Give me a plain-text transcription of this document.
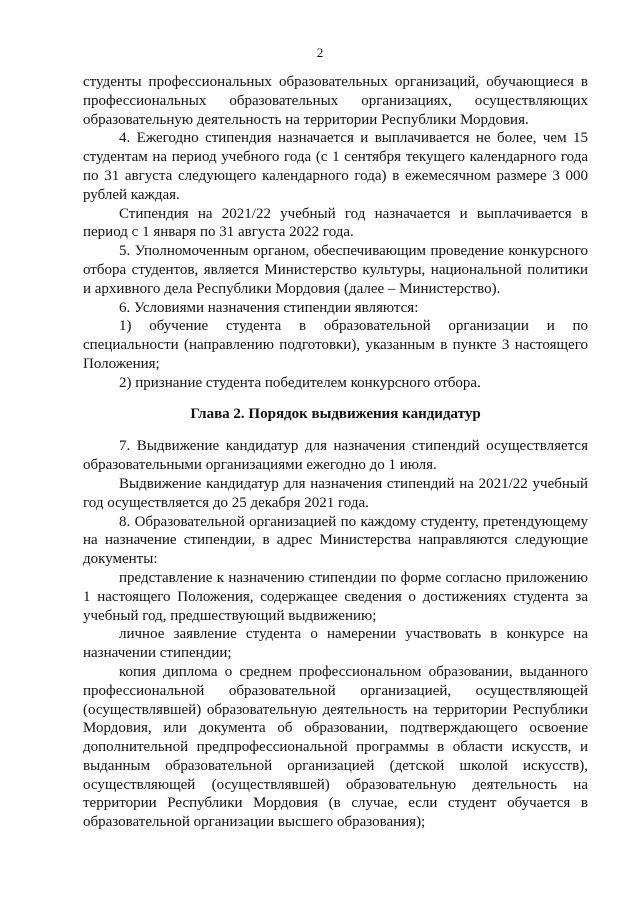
2

студенты профессиональных образовательных организаций, обучающиеся в профессиональных образовательных организациях, осуществляющих образовательную деятельность на территории Республики Мордовия.

4. Ежегодно стипендия назначается и выплачивается не более, чем 15 студентам на период учебного года (с 1 сентября текущего календарного года по 31 августа следующего календарного года) в ежемесячном размере 3 000 рублей каждая.

Стипендия на 2021/22 учебный год назначается и выплачивается в период с 1 января по 31 августа 2022 года.

5. Уполномоченным органом, обеспечивающим проведение конкурсного отбора студентов, является Министерство культуры, национальной политики и архивного дела Республики Мордовия (далее – Министерство).

6. Условиями назначения стипендии являются:

1) обучение студента в образовательной организации и по специальности (направлению подготовки), указанным в пункте 3 настоящего Положения;

2) признание студента победителем конкурсного отбора.

Глава 2. Порядок выдвижения кандидатур

7. Выдвижение кандидатур для назначения стипендий осуществляется образовательными организациями ежегодно до 1 июля.

Выдвижение кандидатур для назначения стипендий на 2021/22 учебный год осуществляется до 25 декабря 2021 года.

8. Образовательной организацией по каждому студенту, претендующему на назначение стипендии, в адрес Министерства направляются следующие документы:

представление к назначению стипендии по форме согласно приложению 1 настоящего Положения, содержащее сведения о достижениях студента за учебный год, предшествующий выдвижению;

личное заявление студента о намерении участвовать в конкурсе на назначении стипендии;

копия диплома о среднем профессиональном образовании, выданного профессиональной образовательной организацией, осуществляющей (осуществлявшей) образовательную деятельность на территории Республики Мордовия, или документа об образовании, подтверждающего освоение дополнительной предпрофессиональной программы в области искусств, и выданным образовательной организацией (детской школой искусств), осуществляющей (осуществлявшей) образовательную деятельность на территории Республики Мордовия (в случае, если студент обучается в образовательной организации высшего образования);
